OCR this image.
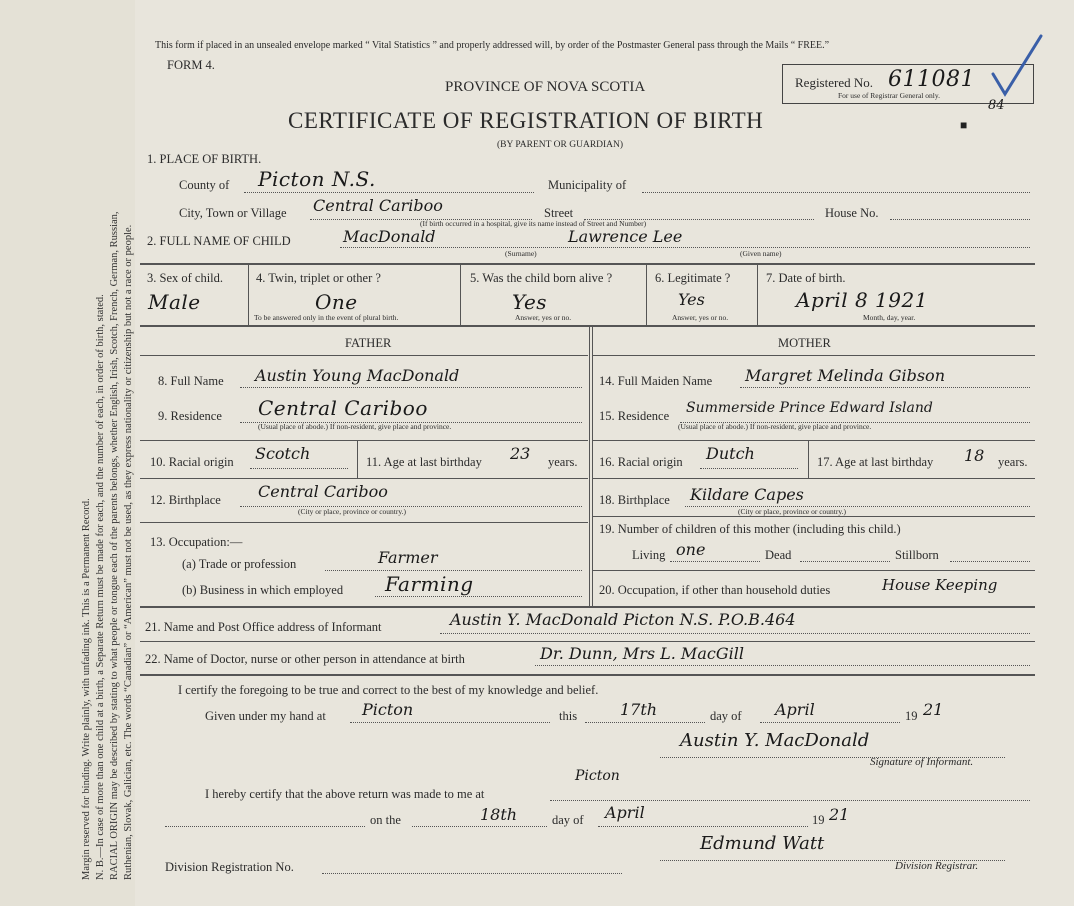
Margin reserved for binding. Write plainly, with unfading ink. This is a Permanent Record. N. B.—In case of more than one child at a birth, a Separate Return must be made for each, and the number of each, in order of birth, stated. RACIAL ORIGIN may be described by stating to what people or tongue each of the parents belongs, whether English, Irish, Scotch, French, German, Russian, Ruthenian, Slovak, Galician, etc. The words “Canadian” or “American” must not be used, as they express nationality or citizenship but not a race or people.
This form if placed in an unsealed envelope marked “ Vital Statistics ” and properly addressed will, by order of the Postmaster General pass through the Mails “ FREE.”
FORM 4.
PROVINCE OF NOVA SCOTIA
CERTIFICATE OF REGISTRATION OF BIRTH
(BY PARENT OR GUARDIAN)
Registered No. 611081
For use of Registrar General only.
84
■
1. PLACE OF BIRTH.
County of Picton N.S.	Municipality of
City, Town or Village Central Cariboo	Street	House No.
(If birth occurred in a hospital, give its name instead of Street and Number)
2. FULL NAME OF CHILD	MacDonald	Lawrence Lee
(Surname)	(Given name)
3. Sex of child.
Male
4. Twin, triplet or other ?
One
To be answered only in the event of plural birth.
5. Was the child born alive ?
Yes
Answer, yes or no.
6. Legitimate ?
Yes
Answer, yes or no.
7. Date of birth.
April 8 1921
Month, day, year.
FATHER	MOTHER
8. Full Name Austin Young MacDonald
9. Residence Central Cariboo
(Usual place of abode.) If non-resident, give place and province.
10. Racial origin Scotch	11. Age at last birthday 23 years.
12. Birthplace Central Cariboo
(City or place, province or country.)
13. Occupation:—
(a) Trade or profession	Farmer
(b) Business in which employed Farming
14. Full Maiden Name Margret Melinda Gibson
15. Residence Summerside Prince Edward Island
(Usual place of abode.) If non-resident, give place and province.
16. Racial origin Dutch	17. Age at last birthday 18 years.
18. Birthplace Kildare Capes
(City or place, province or country.)
19. Number of children of this mother (including this child.)
Living one	Dead	Stillborn
20. Occupation, if other than household duties	House Keeping
21. Name and Post Office address of Informant	Austin Y. MacDonald Picton N.S. P.O.B.464
22. Name of Doctor, nurse or other person in attendance at birth	Dr. Dunn, Mrs L. MacGill
I certify the foregoing to be true and correct to the best of my knowledge and belief.
Given under my hand at Picton	this	17th	day of April	19 21
Austin Y. MacDonald
Signature of Informant.
I hereby certify that the above return was made to me at
Picton
on the	18th	day of April	19 21
Edmund Watt
Division Registration No.	Division Registrar.
